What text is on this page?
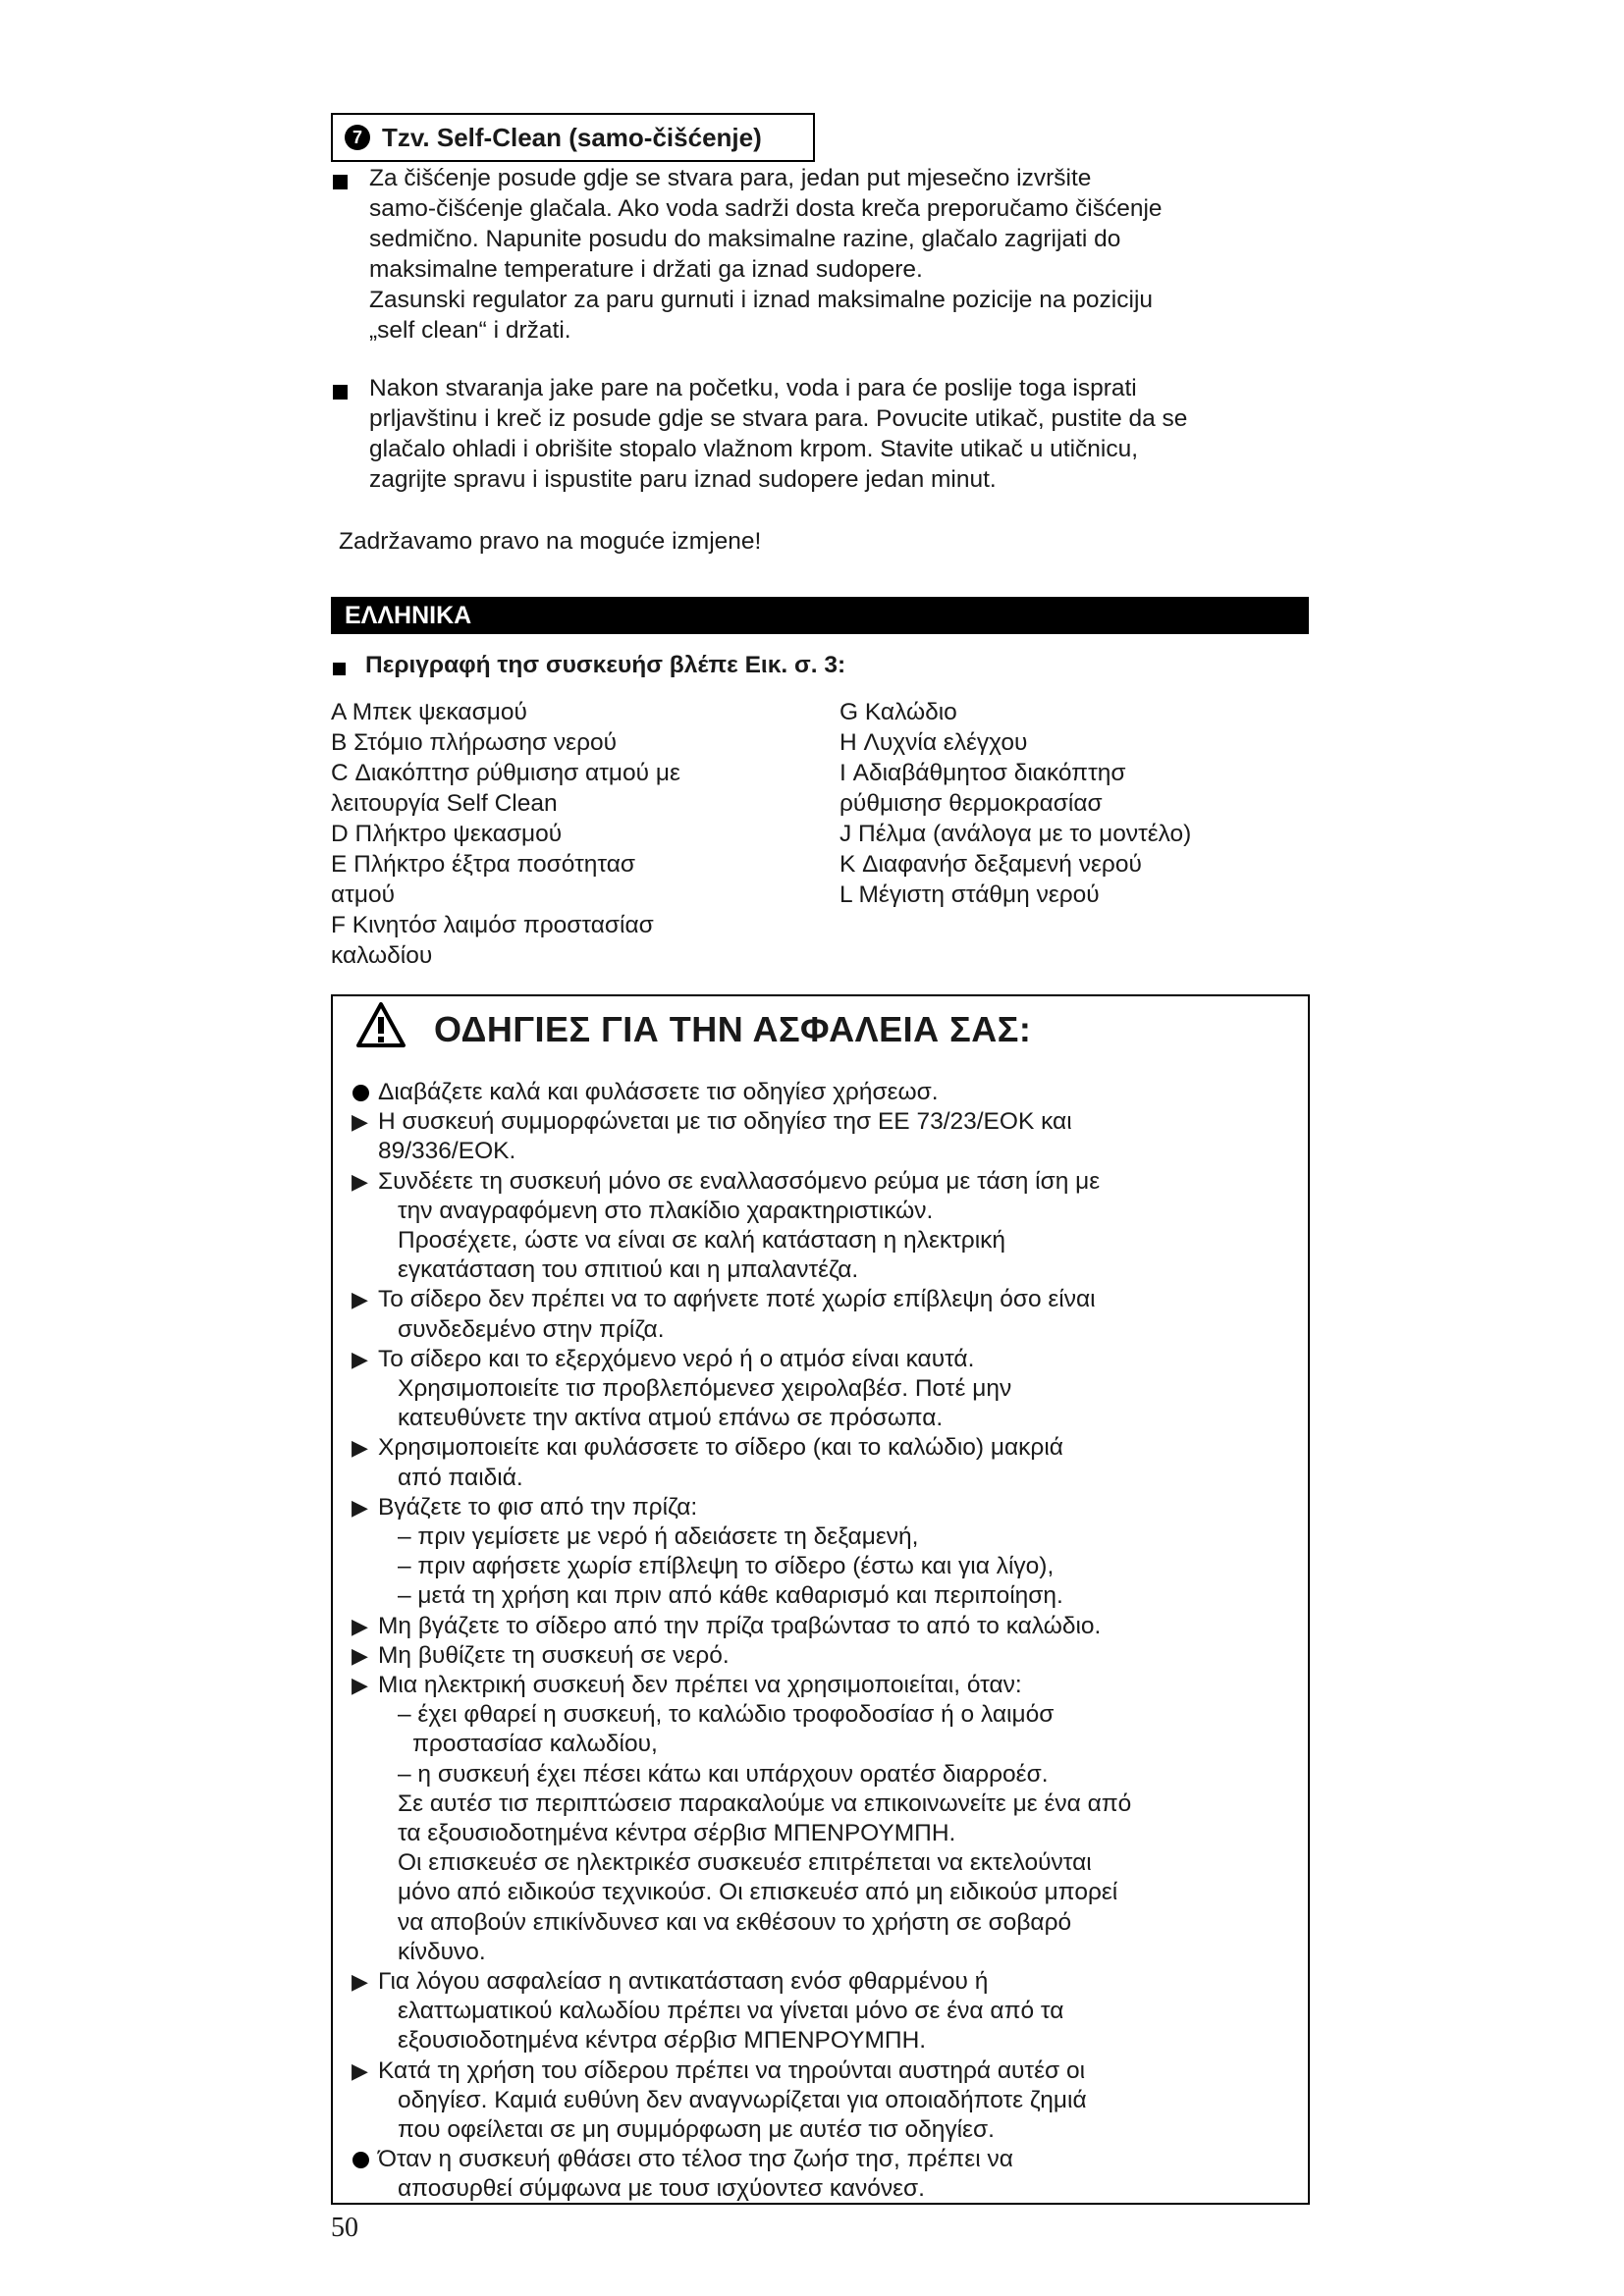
7 Tzv. Self-Clean (samo-čišćenje)
Za čišćenje posude gdje se stvara para, jedan put mjesečno izvršite
samo-čišćenje glačala. Ako voda sadrži dosta kreča preporučamo čišćenje
sedmično. Napunite posudu do maksimalne razine, glačalo zagrijati do
maksimalne temperature i držati ga iznad sudopere.
Zasunski regulator za paru gurnuti i iznad maksimalne pozicije na poziciju
„self clean“ i držati.
Nakon stvaranja jake pare na početku, voda i para će poslije toga isprati
prljavštinu i kreč iz posude gdje se stvara para. Povucite utikač, pustite da se
glačalo ohladi i obrišite stopalo vlažnom krpom. Stavite utikač u utičnicu,
zagrijte spravu i ispustite paru iznad sudopere jedan minut.
Zadržavamo pravo na moguće izmjene!
ΕΛΛΗΝΙΚΑ
Περιγραφή τησ συσκευήσ βλέπε Εικ. σ. 3:
A Μπεκ ψεκασμού
B Στόμιο πλήρωσησ νερού
C Διακόπτησ ρύθμισησ ατμού με
λειτουργία Self Clean
D Πλήκτρο ψεκασμού
E Πλήκτρο έξτρα ποσότητασ
ατμού
F Κινητόσ λαιμόσ προστασίασ
καλωδίου
G Καλώδιο
H Λυχνία ελέγχου
I Αδιαβάθμητοσ διακόπτησ
ρύθμισησ θερμοκρασίασ
J Πέλμα (ανάλογα με το μοντέλο)
K Διαφανήσ δεξαμενή νερού
L Μέγιστη στάθμη νερού
ΟΔΗΓΙΕΣ ΓΙΑ ΤΗΝ ΑΣΦΑΛΕΙΑ ΣΑΣ:
Διαβάζετε καλά και φυλάσσετε τισ οδηγίεσ χρήσεωσ.
▶ Η συσκευή συμμορφώνεται με τισ οδηγίεσ τησ ΕΕ 73/23/ΕΟΚ και
89/336/ΕΟΚ.
▶ Συνδέετε τη συσκευή μόνο σε εναλλασσόμενο ρεύμα με τάση ίση με
την αναγραφόμενη στο πλακίδιο χαρακτηριστικών.
Προσέχετε, ώστε να είναι σε καλή κατάσταση η ηλεκτρική
εγκατάσταση του σπιτιού και η μπαλαντέζα.
▶ Το σίδερο δεν πρέπει να το αφήνετε ποτέ χωρίσ επίβλεψη όσο είναι
συνδεδεμένο στην πρίζα.
▶ Το σίδερο και το εξερχόμενο νερό ή ο ατμόσ είναι καυτά.
Χρησιμοποιείτε τισ προβλεπόμενεσ χειρολαβέσ. Ποτέ μην
κατευθύνετε την ακτίνα ατμού επάνω σε πρόσωπα.
▶ Χρησιμοποιείτε και φυλάσσετε το σίδερο (και το καλώδιο) μακριά
από παιδιά.
▶ Βγάζετε το φισ από την πρίζα:
– πριν γεμίσετε με νερό ή αδειάσετε τη δεξαμενή,
– πριν αφήσετε χωρίσ επίβλεψη το σίδερο (έστω και για λίγο),
– μετά τη χρήση και πριν από κάθε καθαρισμό και περιποίηση.
▶ Μη βγάζετε το σίδερο από την πρίζα τραβώντασ το από το καλώδιο.
▶ Μη βυθίζετε τη συσκευή σε νερό.
▶ Μια ηλεκτρική συσκευή δεν πρέπει να χρησιμοποιείται, όταν:
– έχει φθαρεί η συσκευή, το καλώδιο τροφοδοσίασ ή ο λαιμόσ
προστασίασ καλωδίου,
– η συσκευή έχει πέσει κάτω και υπάρχουν ορατέσ διαρροέσ.
Σε αυτέσ τισ περιπτώσεισ παρακαλούμε να επικοινωνείτε με ένα από
τα εξουσιοδοτημένα κέντρα σέρβισ ΜΠΕΝΡΟΥΜΠΗ.
Οι επισκευέσ σε ηλεκτρικέσ συσκευέσ επιτρέπεται να εκτελούνται
μόνο από ειδικούσ τεχνικούσ. Οι επισκευέσ από μη ειδικούσ μπορεί
να αποβούν επικίνδυνεσ και να εκθέσουν το χρήστη σε σοβαρό
κίνδυνο.
▶ Για λόγου ασφαλείασ η αντικατάσταση ενόσ φθαρμένου ή
ελαττωματικού καλωδίου πρέπει να γίνεται μόνο σε ένα από τα
εξουσιοδοτημένα κέντρα σέρβισ ΜΠΕΝΡΟΥΜΠΗ.
▶ Κατά τη χρήση του σίδερου πρέπει να τηρούνται αυστηρά αυτέσ οι
οδηγίεσ. Καμιά ευθύνη δεν αναγνωρίζεται για οποιαδήποτε ζημιά
που οφείλεται σε μη συμμόρφωση με αυτέσ τισ οδηγίεσ.
Όταν η συσκευή φθάσει στο τέλοσ τησ ζωήσ τησ, πρέπει να
αποσυρθεί σύμφωνα με τουσ ισχύοντεσ κανόνεσ.
50
